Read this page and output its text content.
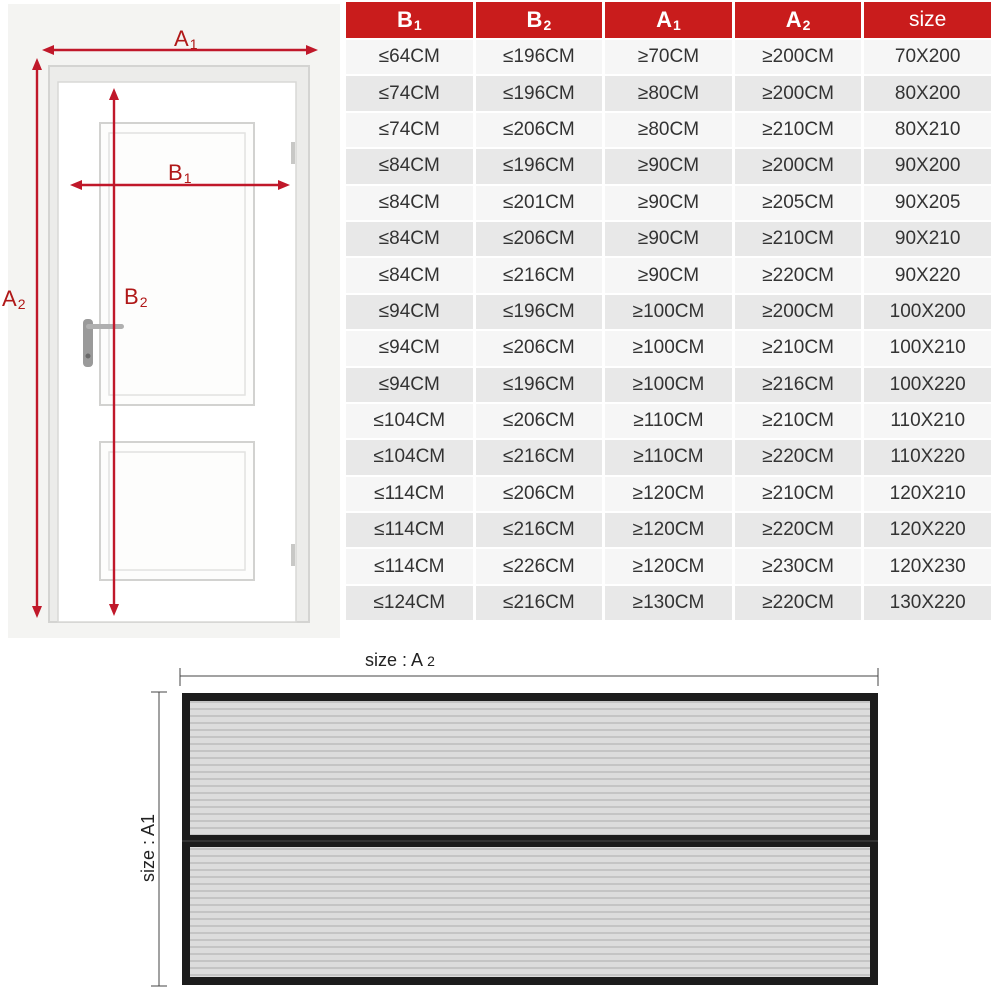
A1
A2
B1
B2
B1	B2	A1	A2	size
≤64CM	≤196CM	≥70CM	≥200CM	70X200
≤74CM	≤196CM	≥80CM	≥200CM	80X200
≤74CM	≤206CM	≥80CM	≥210CM	80X210
≤84CM	≤196CM	≥90CM	≥200CM	90X200
≤84CM	≤201CM	≥90CM	≥205CM	90X205
≤84CM	≤206CM	≥90CM	≥210CM	90X210
≤84CM	≤216CM	≥90CM	≥220CM	90X220
≤94CM	≤196CM	≥100CM	≥200CM	100X200
≤94CM	≤206CM	≥100CM	≥210CM	100X210
≤94CM	≤196CM	≥100CM	≥216CM	100X220
≤104CM	≤206CM	≥110CM	≥210CM	110X210
≤104CM	≤216CM	≥110CM	≥220CM	110X220
≤114CM	≤206CM	≥120CM	≥210CM	120X210
≤114CM	≤216CM	≥120CM	≥220CM	120X220
≤114CM	≤226CM	≥120CM	≥230CM	120X230
≤124CM	≤216CM	≥130CM	≥220CM	130X220
size : A 2
size : A1
